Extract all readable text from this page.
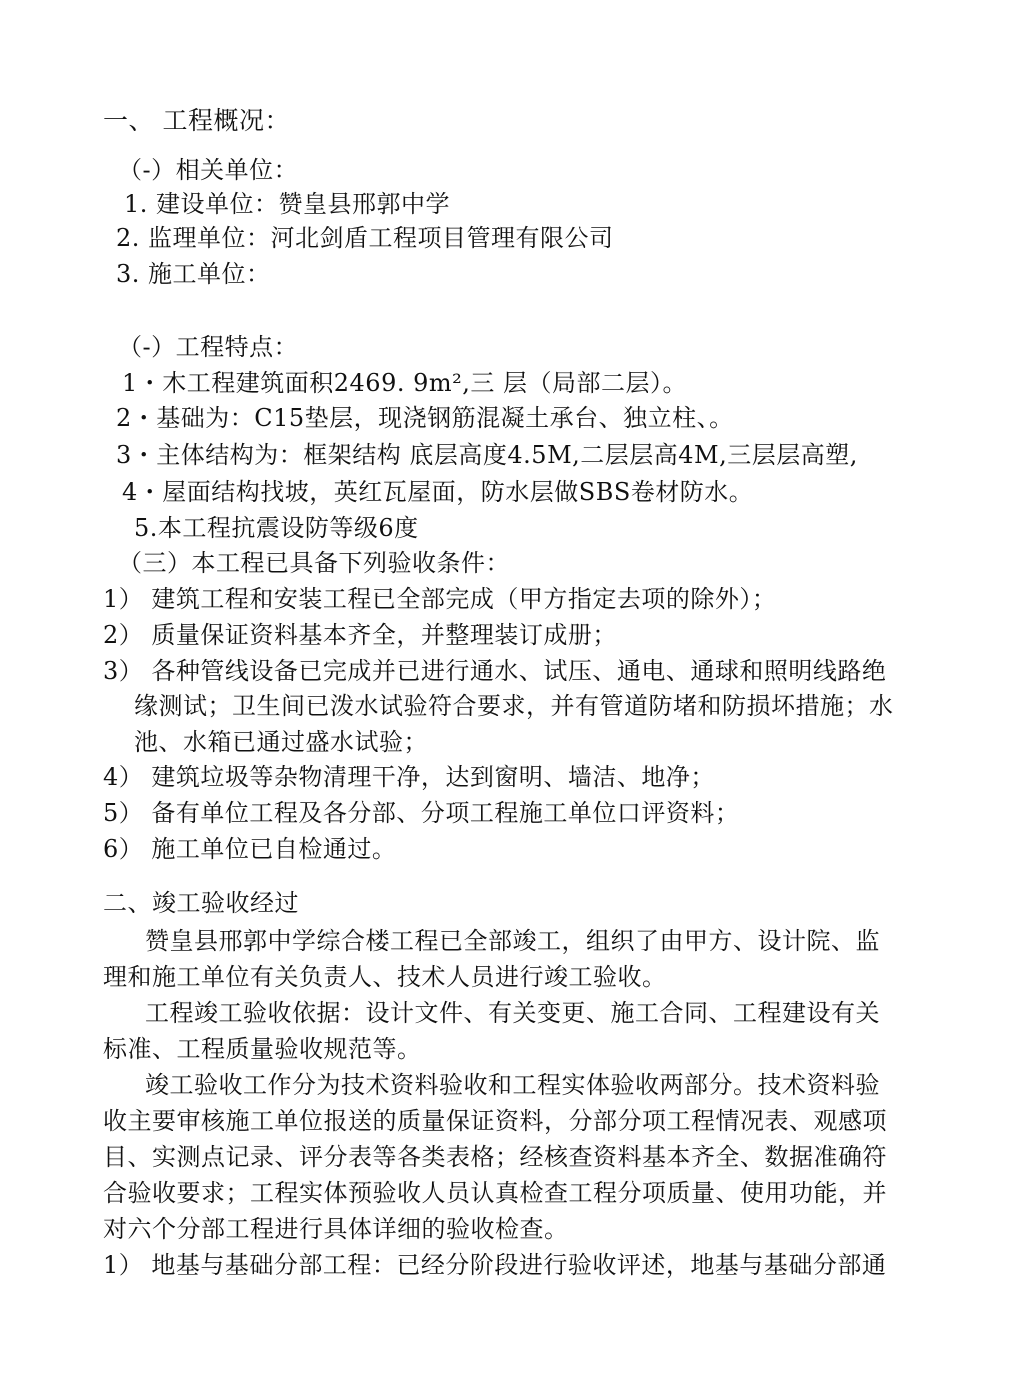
一、 工程概况：
（-）相关单位：
1. 建设单位：赞皇县邢郭中学
2. 监理单位：河北剑盾工程项目管理有限公司
3. 施工单位：
（-）工程特点：
1・木工程建筑面积2469. 9m²,三 层（局部二层）。
2・基础为：C15垫层，现浇钢筋混凝土承台、独立柱、。
3・主体结构为：框架结构 底层高度4.5M,二层层高4M,三层层高塑,
4・屋面结构找坡，英红瓦屋面，防水层做SBS卷材防水。
5.本工程抗震设防等级6度
（三）本工程已具备下列验收条件：
1） 建筑工程和安装工程已全部完成（甲方指定去项的除外）；
2） 质量保证资料基本齐全，并整理装订成册；
3） 各种管线设备已完成并已进行通水、试压、通电、通球和照明线路绝
缘测试；卫生间已泼水试验符合要求，并有管道防堵和防损坏措施；水
池、水箱已通过盛水试验；
4） 建筑垃圾等杂物清理干净，达到窗明、墙洁、地净；
5） 备有单位工程及各分部、分项工程施工单位口评资料；
6） 施工单位已自检通过。
二、竣工验收经过
赞皇县邢郭中学综合楼工程已全部竣工，组织了由甲方、设计院、监
理和施工单位有关负责人、技术人员进行竣工验收。
工程竣工验收依据：设计文件、有关变更、施工合同、工程建设有关
标准、工程质量验收规范等。
竣工验收工作分为技术资料验收和工程实体验收两部分。技术资料验
收主要审核施工单位报送的质量保证资料，分部分项工程情况表、观感项
目、实测点记录、评分表等各类表格；经核查资料基本齐全、数据准确符
合验收要求；工程实体预验收人员认真检查工程分项质量、使用功能，并
对六个分部工程进行具体详细的验收检查。
1） 地基与基础分部工程：已经分阶段进行验收评述，地基与基础分部通
